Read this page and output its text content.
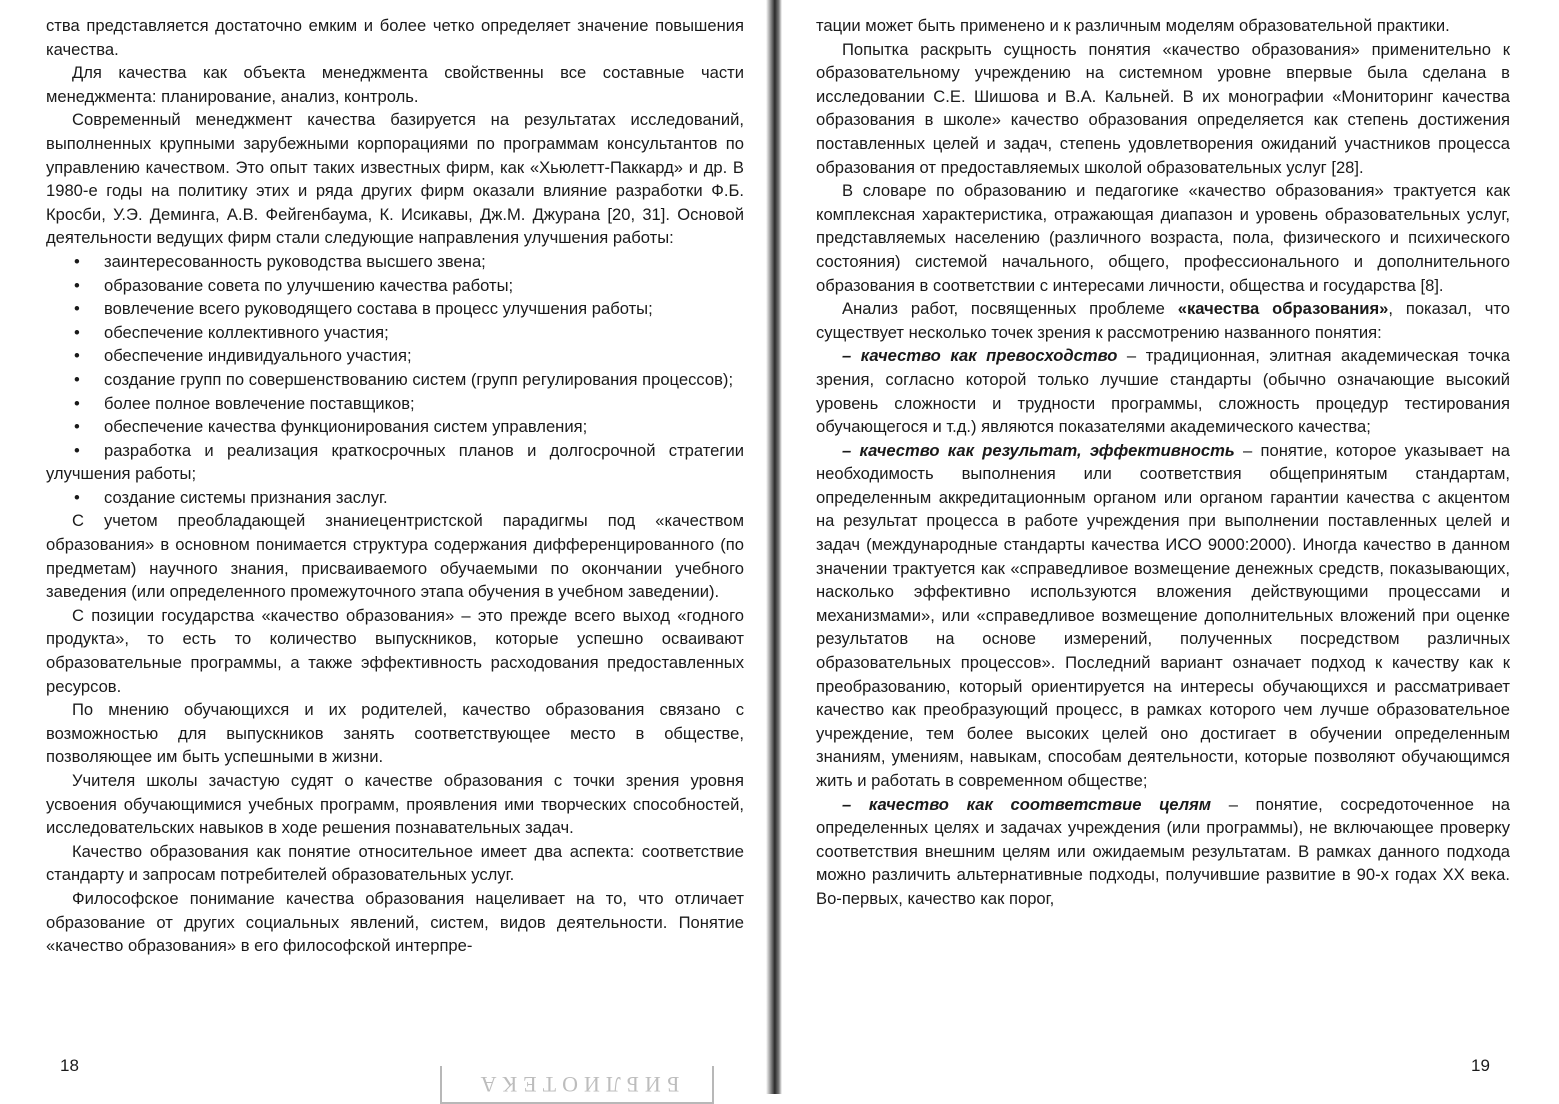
ства представляется достаточно емким и более четко определяет значение повышения качества.

Для качества как объекта менеджмента свойственны все составные части менеджмента: планирование, анализ, контроль.

Современный менеджмент качества базируется на результатах исследований, выполненных крупными зарубежными корпорациями по программам консультантов по управлению качеством. Это опыт таких известных фирм, как «Хьюлетт-Паккард» и др. В 1980-е годы на политику этих и ряда других фирм оказали влияние разработки Ф.Б. Кросби, У.Э. Деминга, А.В. Фейгенбаума, К. Исикавы, Дж.М. Джурана [20, 31]. Основой деятельности ведущих фирм стали следующие направления улучшения работы:

• заинтересованность руководства высшего звена;
• образование совета по улучшению качества работы;
• вовлечение всего руководящего состава в процесс улучшения работы;
• обеспечение коллективного участия;
• обеспечение индивидуального участия;
• создание групп по совершенствованию систем (групп регулирования процессов);
• более полное вовлечение поставщиков;
• обеспечение качества функционирования систем управления;
• разработка и реализация краткосрочных планов и долгосрочной стратегии улучшения работы;
• создание системы признания заслуг.

С учетом преобладающей знаниецентристской парадигмы под «качеством образования» в основном понимается структура содержания дифференцированного (по предметам) научного знания, присваиваемого обучаемыми по окончании учебного заведения (или определенного промежуточного этапа обучения в учебном заведении).

С позиции государства «качество образования» – это прежде всего выход «годного продукта», то есть то количество выпускников, которые успешно осваивают образовательные программы, а также эффективность расходования предоставленных ресурсов.

По мнению обучающихся и их родителей, качество образования связано с возможностью для выпускников занять соответствующее место в обществе, позволяющее им быть успешными в жизни.

Учителя школы зачастую судят о качестве образования с точки зрения уровня усвоения обучающимися учебных программ, проявления ими творческих способностей, исследовательских навыков в ходе решения познавательных задач.

Качество образования как понятие относительное имеет два аспекта: соответствие стандарту и запросам потребителей образовательных услуг.

Философское понимание качества образования нацеливает на то, что отличает образование от других социальных явлений, систем, видов деятельности. Понятие «качество образования» в его философской интерпре-

18

тации может быть применено и к различным моделям образовательной практики.

Попытка раскрыть сущность понятия «качество образования» применительно к образовательному учреждению на системном уровне впервые была сделана в исследовании С.Е. Шишова и В.А. Кальней. В их монографии «Мониторинг качества образования в школе» качество образования определяется как степень достижения поставленных целей и задач, степень удовлетворения ожиданий участников процесса образования от предоставляемых школой образовательных услуг [28].

В словаре по образованию и педагогике «качество образования» трактуется как комплексная характеристика, отражающая диапазон и уровень образовательных услуг, представляемых населению (различного возраста, пола, физического и психического состояния) системой начального, общего, профессионального и дополнительного образования в соответствии с интересами личности, общества и государства [8].

Анализ работ, посвященных проблеме «качества образования», показал, что существует несколько точек зрения к рассмотрению названного понятия:

– качество как превосходство – традиционная, элитная академическая точка зрения, согласно которой только лучшие стандарты (обычно означающие высокий уровень сложности и трудности программы, сложность процедур тестирования обучающегося и т.д.) являются показателями академического качества;

– качество как результат, эффективность – понятие, которое указывает на необходимость выполнения или соответствия общепринятым стандартам, определенным аккредитационным органом или органом гарантии качества с акцентом на результат процесса в работе учреждения при выполнении поставленных целей и задач (международные стандарты качества ИСО 9000:2000). Иногда качество в данном значении трактуется как «справедливое возмещение денежных средств, показывающих, насколько эффективно используются вложения действующими процессами и механизмами», или «справедливое возмещение дополнительных вложений при оценке результатов на основе измерений, полученных посредством различных образовательных процессов». Последний вариант означает подход к качеству как к преобразованию, который ориентируется на интересы обучающихся и рассматривает качество как преобразующий процесс, в рамках которого чем лучше образовательное учреждение, тем более высоких целей оно достигает в обучении определенным знаниям, умениям, навыкам, способам деятельности, которые позволяют обучающимся жить и работать в современном обществе;

– качество как соответствие целям – понятие, сосредоточенное на определенных целях и задачах учреждения (или программы), не включающее проверку соответствия внешним целям или ожидаемым результатам. В рамках данного подхода можно различить альтернативные подходы, получившие развитие в 90-х годах XX века. Во-первых, качество как порог,

19
БИБЛИОТЕКА
